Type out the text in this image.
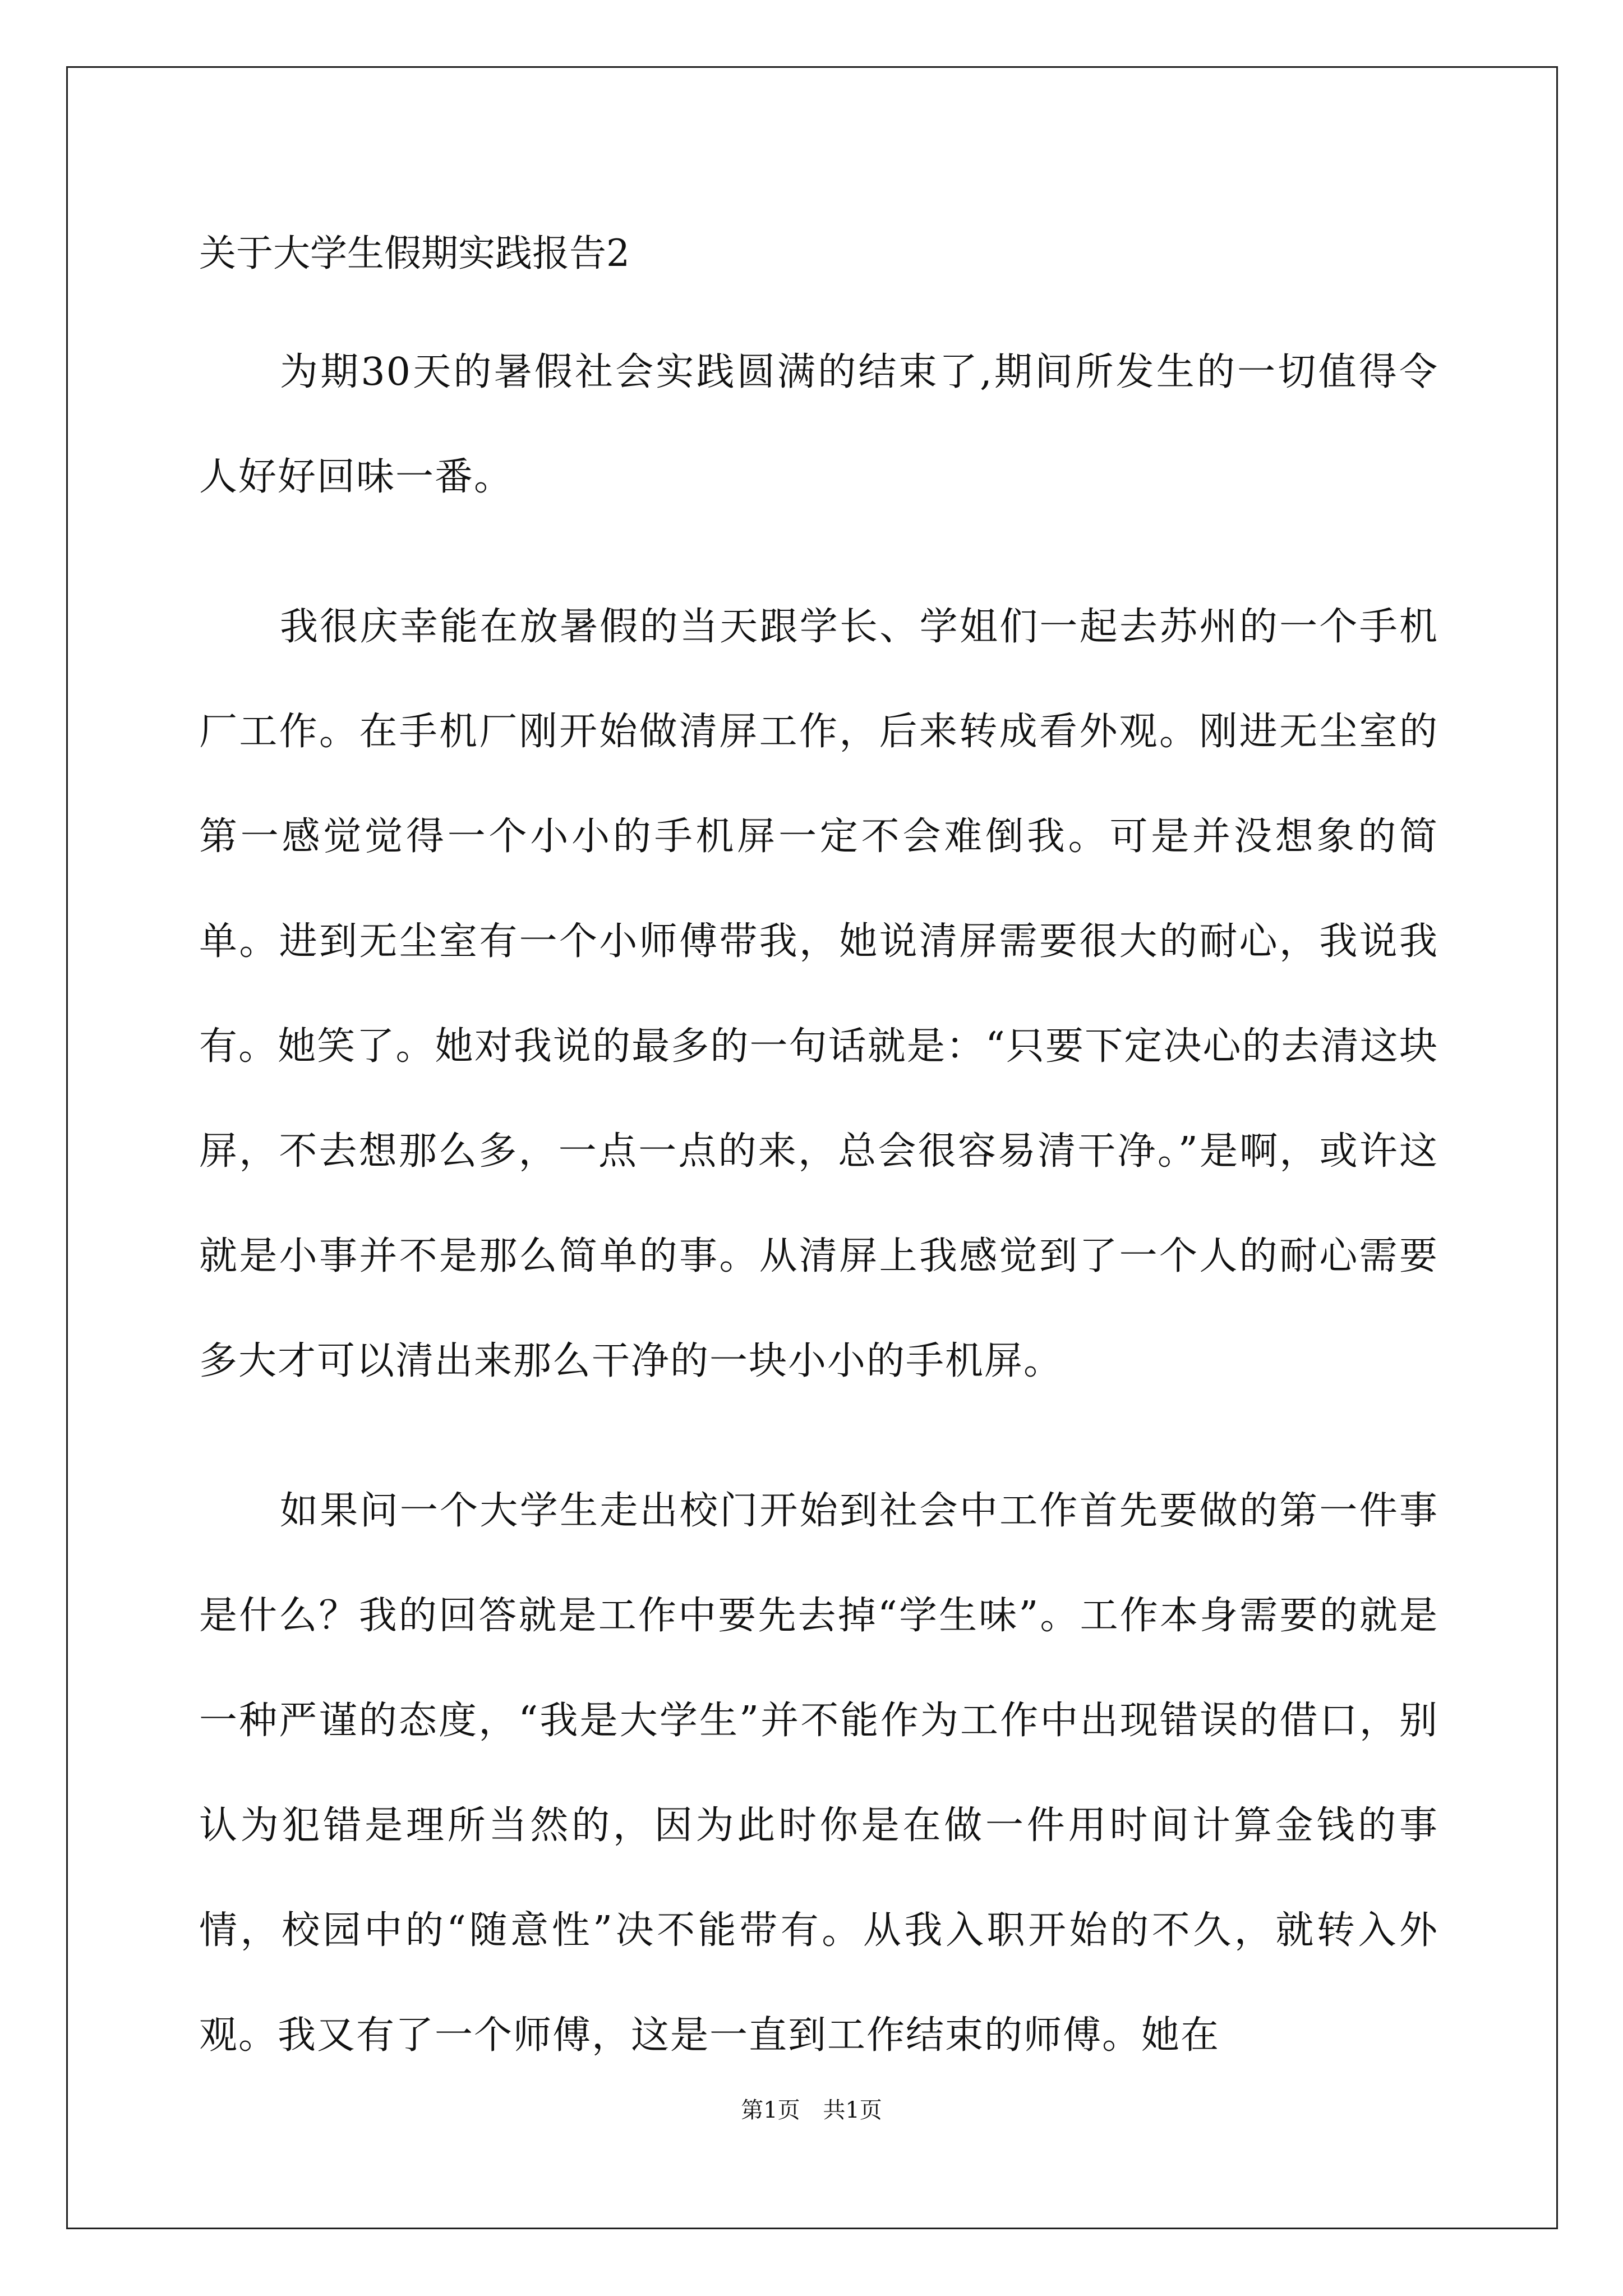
关于大学生假期实践报告2

为期30天的暑假社会实践圆满的结束了,期间所发生的一切值得令人好好回味一番。

我很庆幸能在放暑假的当天跟学长、学姐们一起去苏州的一个手机厂工作。在手机厂刚开始做清屏工作，后来转成看外观。刚进无尘室的第一感觉觉得一个小小的手机屏一定不会难倒我。可是并没想象的简单。进到无尘室有一个小师傅带我，她说清屏需要很大的耐心，我说我有。她笑了。她对我说的最多的一句话就是：“只要下定决心的去清这块屏，不去想那么多，一点一点的来，总会很容易清干净。”是啊，或许这就是小事并不是那么简单的事。从清屏上我感觉到了一个人的耐心需要多大才可以清出来那么干净的一块小小的手机屏。

如果问一个大学生走出校门开始到社会中工作首先要做的第一件事是什么？我的回答就是工作中要先去掉“学生味”。工作本身需要的就是一种严谨的态度，“我是大学生”并不能作为工作中出现错误的借口，别认为犯错是理所当然的，因为此时你是在做一件用时间计算金钱的事情，校园中的“随意性”决不能带有。从我入职开始的不久，就转入外观。我又有了一个师傅，这是一直到工作结束的师傅。她在

第1页 共1页
